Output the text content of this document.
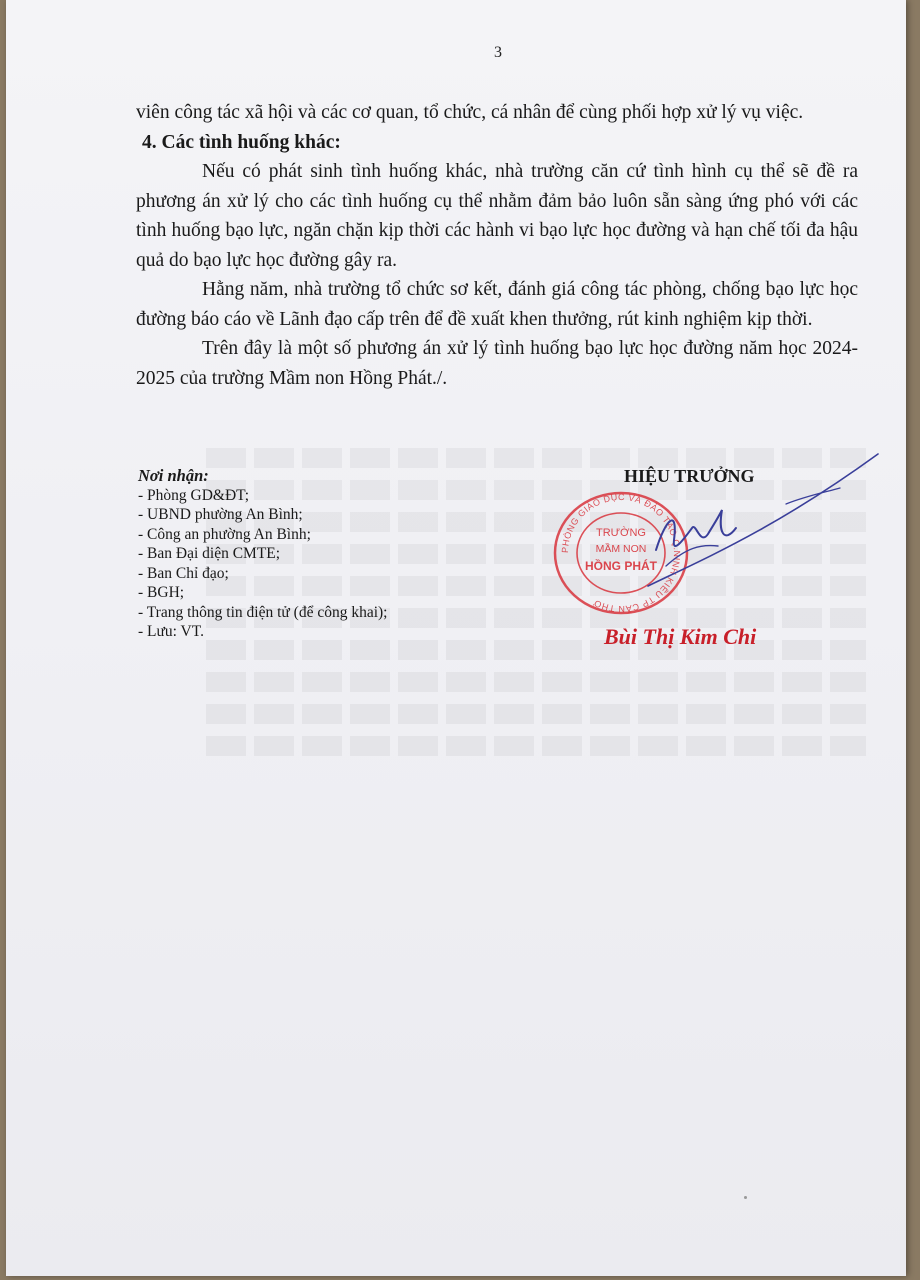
3

viên công tác xã hội và các cơ quan, tổ chức, cá nhân để cùng phối hợp xử lý vụ việc.

4. Các tình huống khác:

Nếu có phát sinh tình huống khác, nhà trường căn cứ tình hình cụ thể sẽ đề ra phương án xử lý cho các tình huống cụ thể nhằm đảm bảo luôn sẵn sàng ứng phó với các tình huống bạo lực, ngăn chặn kịp thời các hành vi bạo lực học đường và hạn chế tối đa hậu quả do bạo lực học đường gây ra.

Hằng năm, nhà trường tổ chức sơ kết, đánh giá công tác phòng, chống bạo lực học đường báo cáo về Lãnh đạo cấp trên để đề xuất khen thưởng, rút kinh nghiệm kịp thời.

Trên đây là một số phương án xử lý tình huống bạo lực học đường năm học 2024-2025 của trường Mầm non Hồng Phát./.

Nơi nhận:
- Phòng GD&ĐT;
- UBND phường An Bình;
- Công an phường An Bình;
- Ban Đại diện CMTE;
- Ban Chỉ đạo;
- BGH;
- Trang thông tin điện tử (để công khai);
- Lưu: VT.
HIỆU TRƯỞNG
PHÒNG GIÁO DỤC VÀ ĐÀO TẠO Q.NINH KIỀU TP CẦN THƠ
TRƯỜNG
MẦM NON
HỒNG PHÁT
Bùi Thị Kim Chi
